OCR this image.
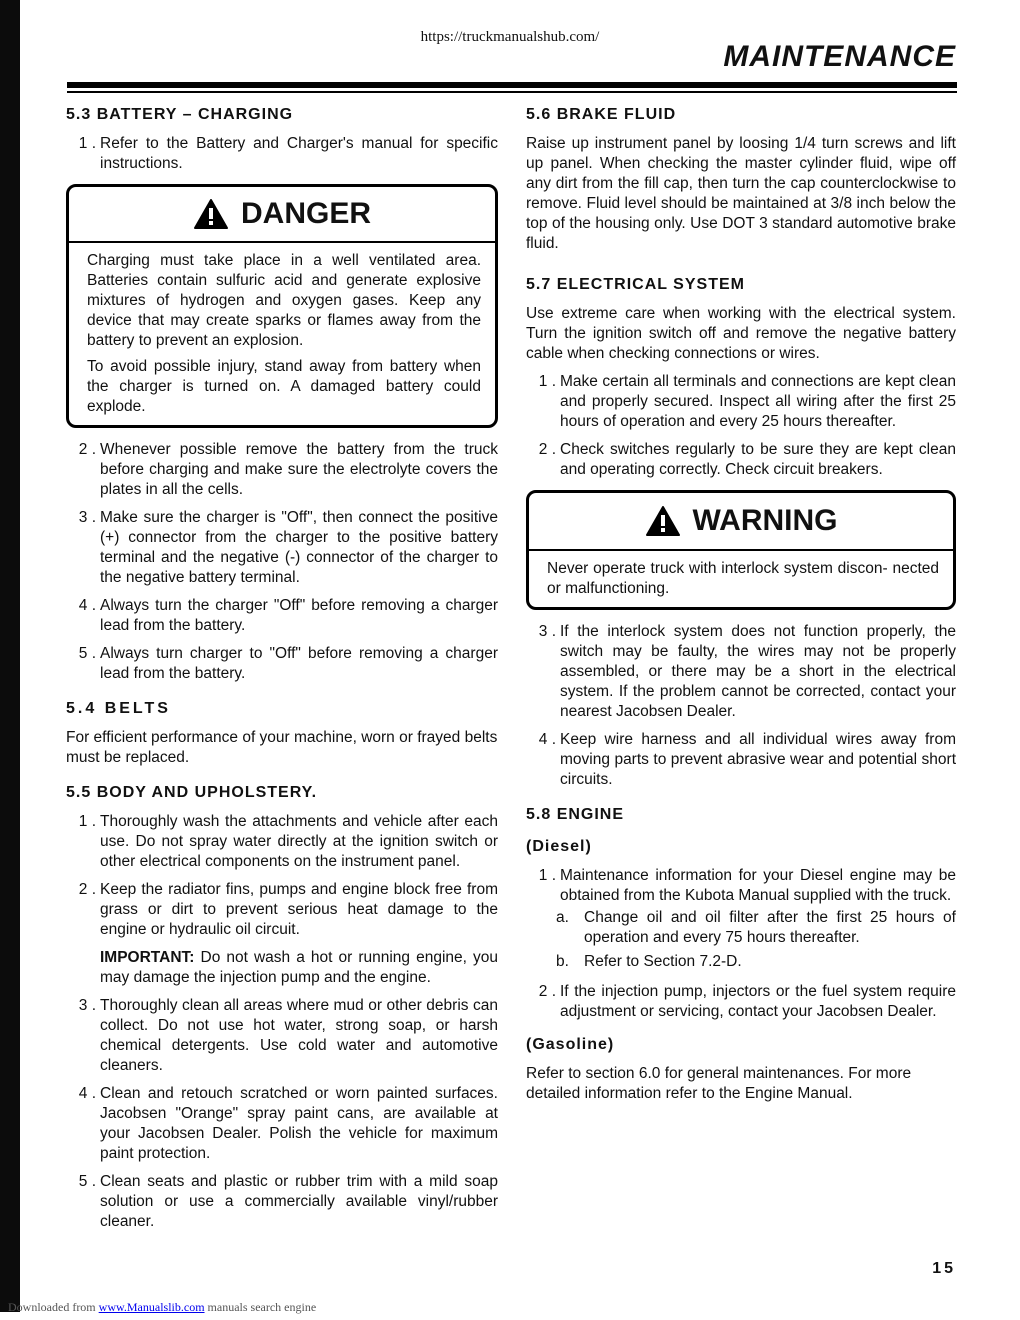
https://truckmanualshub.com/
MAINTENANCE
5.3 BATTERY – CHARGING
1 . Refer to the Battery and Charger's manual for specific instructions.
DANGER

Charging must take place in a well ventilated area. Batteries contain sulfuric acid and generate explosive mixtures of hydrogen and oxygen gases. Keep any device that may create sparks or flames away from the battery to prevent an explosion.

To avoid possible injury, stand away from battery when the charger is turned on. A damaged battery could explode.

2 . Whenever possible remove the battery from the truck before charging and make sure the electrolyte covers the plates in all the cells.
3 . Make sure the charger is "Off", then connect the positive (+) connector from the charger to the positive battery terminal and the negative (-) connector of the charger to the negative battery terminal.
4 . Always turn the charger "Off" before removing a charger lead from the battery.
5 . Always turn charger to "Off" before removing a charger lead from the battery.
5.4 BELTS

For efficient performance of your machine, worn or frayed belts must be replaced.

5.5 BODY AND UPHOLSTERY.
1 . Thoroughly wash the attachments and vehicle after each use. Do not spray water directly at the ignition switch or other electrical components on the instrument panel.
2 . Keep the radiator fins, pumps and engine block free from grass or dirt to prevent serious heat damage to the engine or hydraulic oil circuit.
IMPORTANT: Do not wash a hot or running engine, you may damage the injection pump and the engine.
3 . Thoroughly clean all areas where mud or other debris can collect. Do not use hot water, strong soap, or harsh chemical detergents. Use cold water and automotive cleaners.
4 . Clean and retouch scratched or worn painted surfaces. Jacobsen "Orange" spray paint cans, are available at your Jacobsen Dealer. Polish the vehicle for maximum paint protection.
5 . Clean seats and plastic or rubber trim with a mild soap solution or use a commercially available vinyl/rubber cleaner.
5.6 BRAKE FLUID

Raise up instrument panel by loosing 1/4 turn screws and lift up panel. When checking the master cylinder fluid, wipe off any dirt from the fill cap, then turn the cap counterclockwise to remove. Fluid level should be maintained at 3/8 inch below the top of the housing only. Use DOT 3 standard automotive brake fluid.

5.7 ELECTRICAL SYSTEM

Use extreme care when working with the electrical system. Turn the ignition switch off and remove the negative battery cable when checking connections or wires.

1 . Make certain all terminals and connections are kept clean and properly secured. Inspect all wiring after the first 25 hours of operation and every 25 hours thereafter.
2 . Check switches regularly to be sure they are kept clean and operating correctly. Check circuit breakers.
WARNING

Never operate truck with interlock system discon- nected or malfunctioning.

3 . If the interlock system does not function properly, the switch may be faulty, the wires may not be properly assembled, or there may be a short in the electrical system. If the problem cannot be corrected, contact your nearest Jacobsen Dealer.
4 . Keep wire harness and all individual wires away from moving parts to prevent abrasive wear and potential short circuits.
5.8 ENGINE
(Diesel)
1 . Maintenance information for your Diesel engine may be obtained from the Kubota Manual supplied with the truck.
a. Change oil and oil filter after the first 25 hours of operation and every 75 hours thereafter.
b. Refer to Section 7.2-D.
2 . If the injection pump, injectors or the fuel system require adjustment or servicing, contact your Jacobsen Dealer.
(Gasoline)

Refer to section 6.0 for general maintenances. For more detailed information refer to the Engine Manual.

15
Downloaded from www.Manualslib.com manuals search engine
